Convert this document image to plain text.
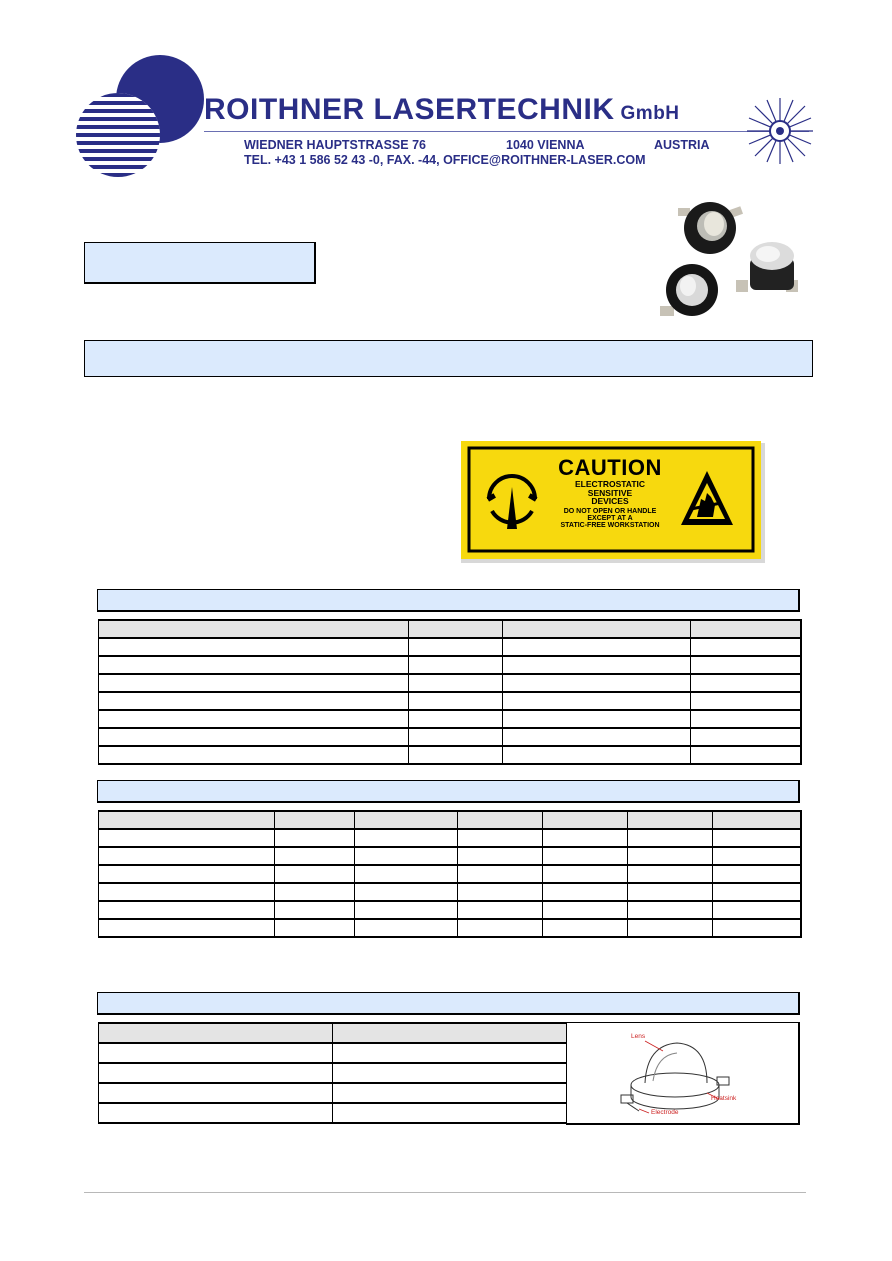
ROITHNER LASERTECHNIK GmbH
WIEDNER HAUPTSTRASSE 76	1040 VIENNA	AUSTRIA
TEL. +43 1 586 52 43 -0, FAX. -44, OFFICE@ROITHNER-LASER.COM
CAUTION
ELECTROSTATIC
SENSITIVE
DEVICES
DO NOT OPEN OR HANDLE
EXCEPT AT A
STATIC-FREE WORKSTATION

Lens
Heatsink
Electrode
